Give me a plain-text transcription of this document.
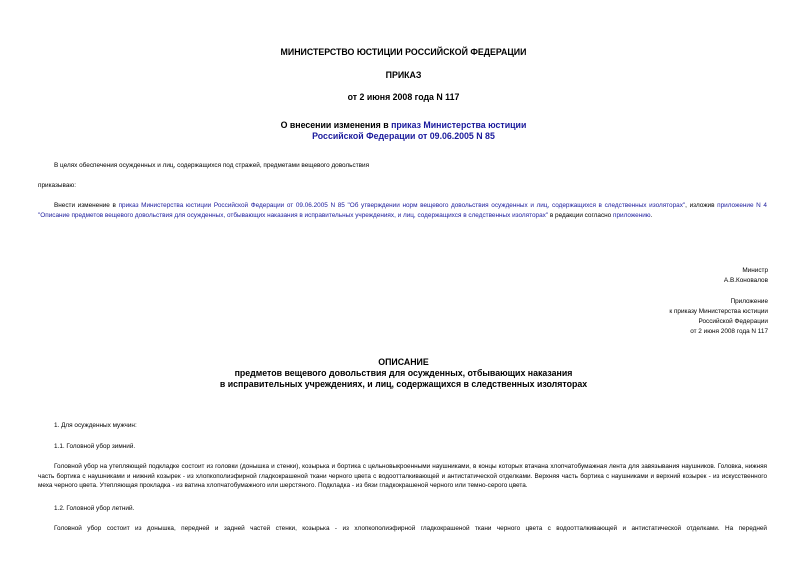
МИНИСТЕРСТВО ЮСТИЦИИ РОССИЙСКОЙ ФЕДЕРАЦИИ
ПРИКАЗ
от 2 июня 2008 года N 117
О внесении изменения в приказ Министерства юстиции Российской Федерации от 09.06.2005 N 85
В целях обеспечения осужденных и лиц, содержащихся под стражей, предметами вещевого довольствия
приказываю:
Внести изменение в приказ Министерства юстиции Российской Федерации от 09.06.2005 N 85 "Об утверждении норм вещевого довольствия осужденных и лиц, содержащихся в следственных изоляторах", изложив приложение N 4 "Описание предметов вещевого довольствия для осужденных, отбывающих наказания в исправительных учреждениях, и лиц, содержащихся в следственных изоляторах" в редакции согласно приложению.
Министр
А.В.Коновалов
Приложение
к приказу Министерства юстиции
Российской Федерации
от 2 июня 2008 года N 117
ОПИСАНИЕ
предметов вещевого довольствия для осужденных, отбывающих наказания
в исправительных учреждениях, и лиц, содержащихся в следственных изоляторах
1. Для осужденных мужчин:
1.1. Головной убор зимний.
Головной убор на утепляющей подкладке состоит из головки (донышка и стенки), козырька и бортика с цельновыкроенными наушниками, в концы которых втачана хлопчатобумажная лента для завязывания наушников. Головка, нижняя часть бортика с наушниками и нижний козырек - из хлопкополиэфирной гладкокрашеной ткани черного цвета с водоотталкивающей и антистатической отделками. Верхняя часть бортика с наушниками и верхний козырек - из искусственного меха черного цвета. Утепляющая прокладка - из ватина хлопчатобумажного или шерстяного. Подкладка - из бязи гладкокрашеной черного или темно-серого цвета.
1.2. Головной убор летний.
Головной убор состоит из донышка, передней и задней частей стенки, козырька - из хлопкополиэфирной гладкокрашеной ткани черного цвета с водоотталкивающей и антистатической отделками. На передней
